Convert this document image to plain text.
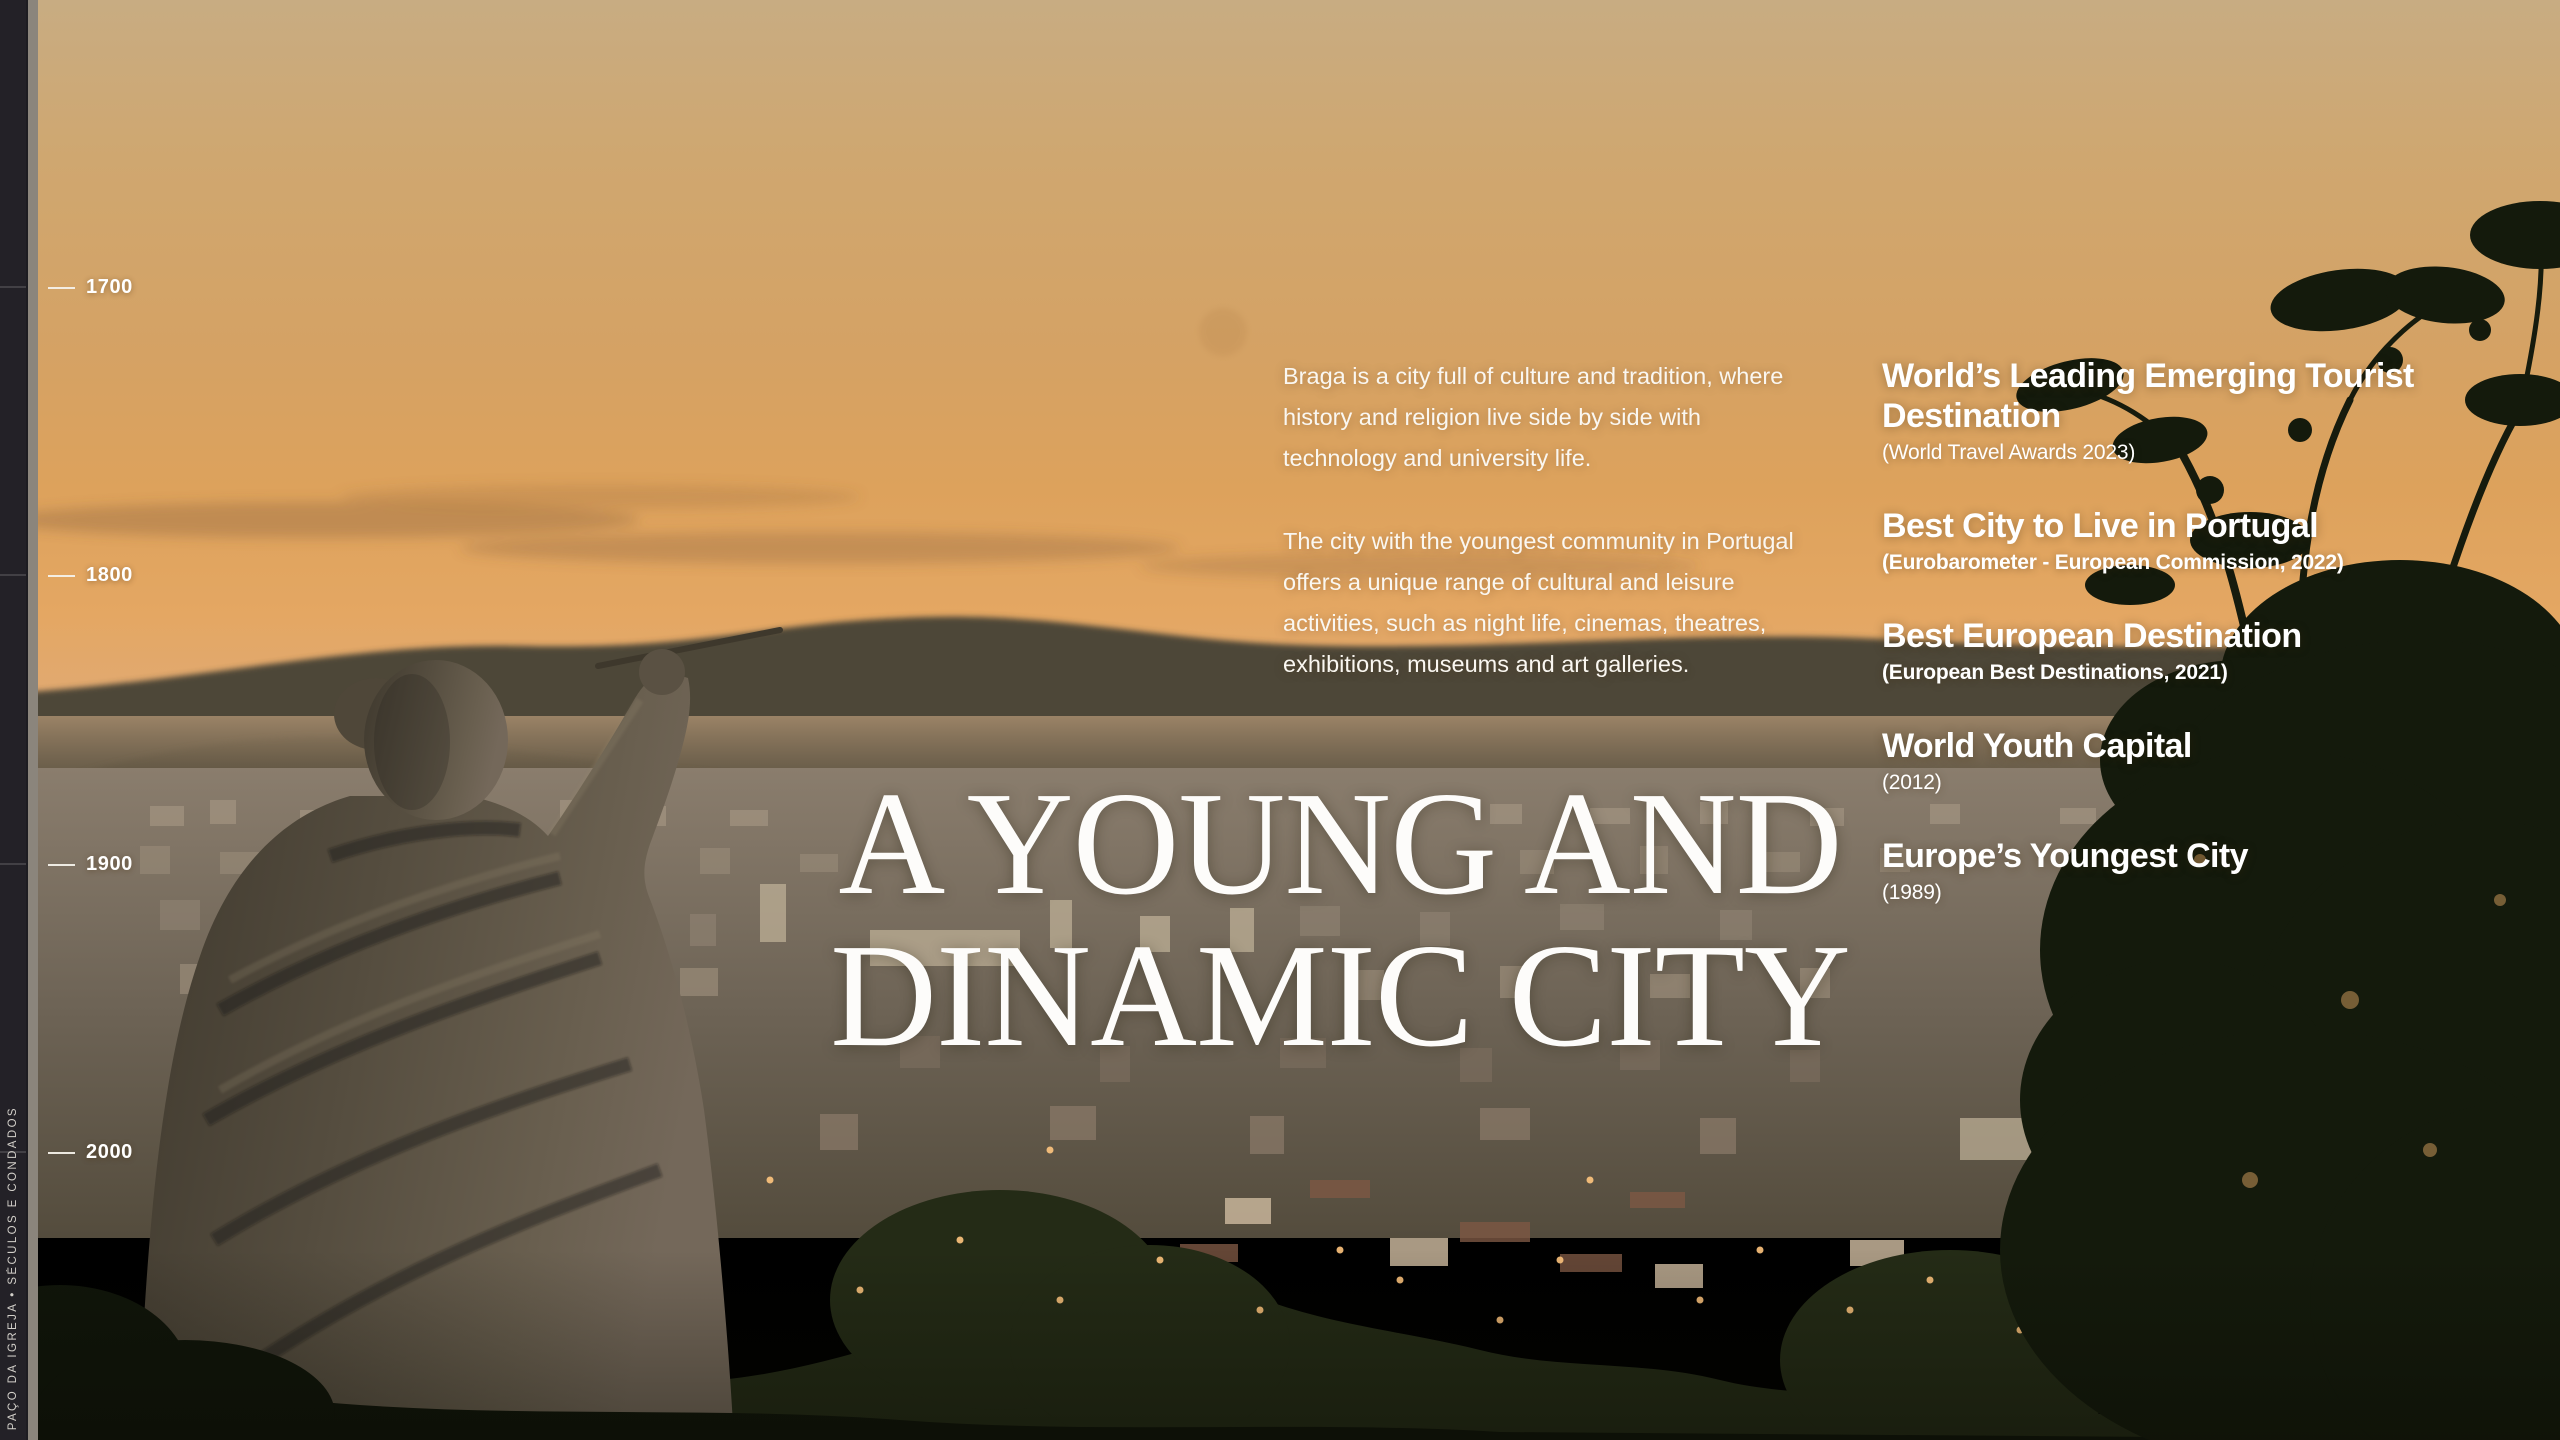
1700
1800
1900
2000

Braga is a city full of culture and tradition, where history and religion live side by side with technology and university life.

The city with the youngest community in Portugal offers a unique range of cultural and leisure activities, such as night life, cinemas, theatres, exhibitions, museums and art galleries.

A YOUNG AND
DINAMIC CITY
World’s Leading Emerging Tourist Destination
(World Travel Awards 2023)
Best City to Live in Portugal
(Eurobarometer - European Commission, 2022)
Best European Destination
(European Best Destinations, 2021)
World Youth Capital
(2012)
Europe’s Youngest City
(1989)
PAÇO DA IGREJA • SÉCULOS E CONDADOS
